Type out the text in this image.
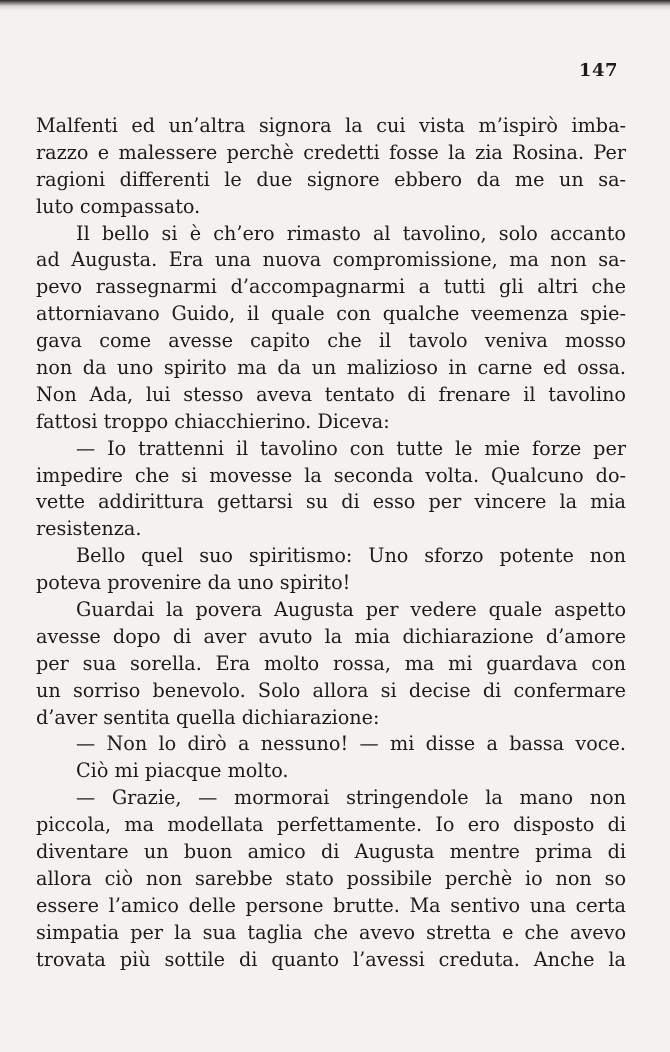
147
Malfenti ed un’altra signora la cui vista m’ispirò imba-
razzo e malessere perchè credetti fosse la zia Rosina. Per
ragioni differenti le due signore ebbero da me un sa-
luto compassato.
Il bello si è ch’ero rimasto al tavolino, solo accanto
ad Augusta. Era una nuova compromissione, ma non sa-
pevo rassegnarmi d’accompagnarmi a tutti gli altri che
attorniavano Guido, il quale con qualche veemenza spie-
gava come avesse capito che il tavolo veniva mosso
non da uno spirito ma da un malizioso in carne ed ossa.
Non Ada, lui stesso aveva tentato di frenare il tavolino
fattosi troppo chiacchierino. Diceva:
— Io trattenni il tavolino con tutte le mie forze per
impedire che si movesse la seconda volta. Qualcuno do-
vette addirittura gettarsi su di esso per vincere la mia
resistenza.
Bello quel suo spiritismo: Uno sforzo potente non
poteva provenire da uno spirito!
Guardai la povera Augusta per vedere quale aspetto
avesse dopo di aver avuto la mia dichiarazione d’amore
per sua sorella. Era molto rossa, ma mi guardava con
un sorriso benevolo. Solo allora si decise di confermare
d’aver sentita quella dichiarazione:
— Non lo dirò a nessuno! — mi disse a bassa voce.
Ciò mi piacque molto.
— Grazie, — mormorai stringendole la mano non
piccola, ma modellata perfettamente. Io ero disposto di
diventare un buon amico di Augusta mentre prima di
allora ciò non sarebbe stato possibile perchè io non so
essere l’amico delle persone brutte. Ma sentivo una certa
simpatia per la sua taglia che avevo stretta e che avevo
trovata più sottile di quanto l’avessi creduta. Anche la
